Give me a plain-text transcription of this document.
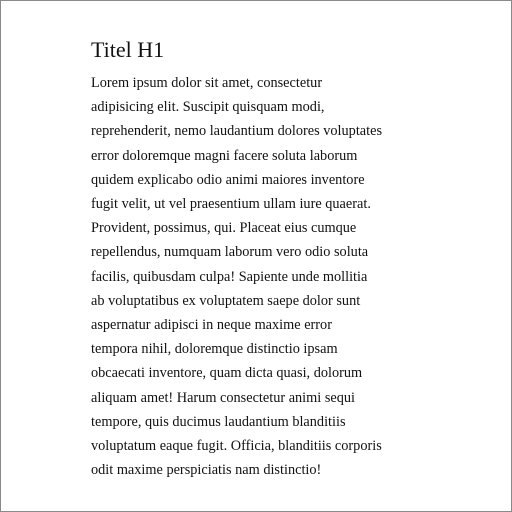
Titel H1

Lorem ipsum dolor sit amet, consectetur
adipisicing elit. Suscipit quisquam modi,
reprehenderit, nemo laudantium dolores voluptates
error doloremque magni facere soluta laborum
quidem explicabo odio animi maiores inventore
fugit velit, ut vel praesentium ullam iure quaerat.
Provident, possimus, qui. Placeat eius cumque
repellendus, numquam laborum vero odio soluta
facilis, quibusdam culpa! Sapiente unde mollitia
ab voluptatibus ex voluptatem saepe dolor sunt
aspernatur adipisci in neque maxime error
tempora nihil, doloremque distinctio ipsam
obcaecati inventore, quam dicta quasi, dolorum
aliquam amet! Harum consectetur animi sequi
tempore, quis ducimus laudantium blanditiis
voluptatum eaque fugit. Officia, blanditiis corporis
odit maxime perspiciatis nam distinctio!
